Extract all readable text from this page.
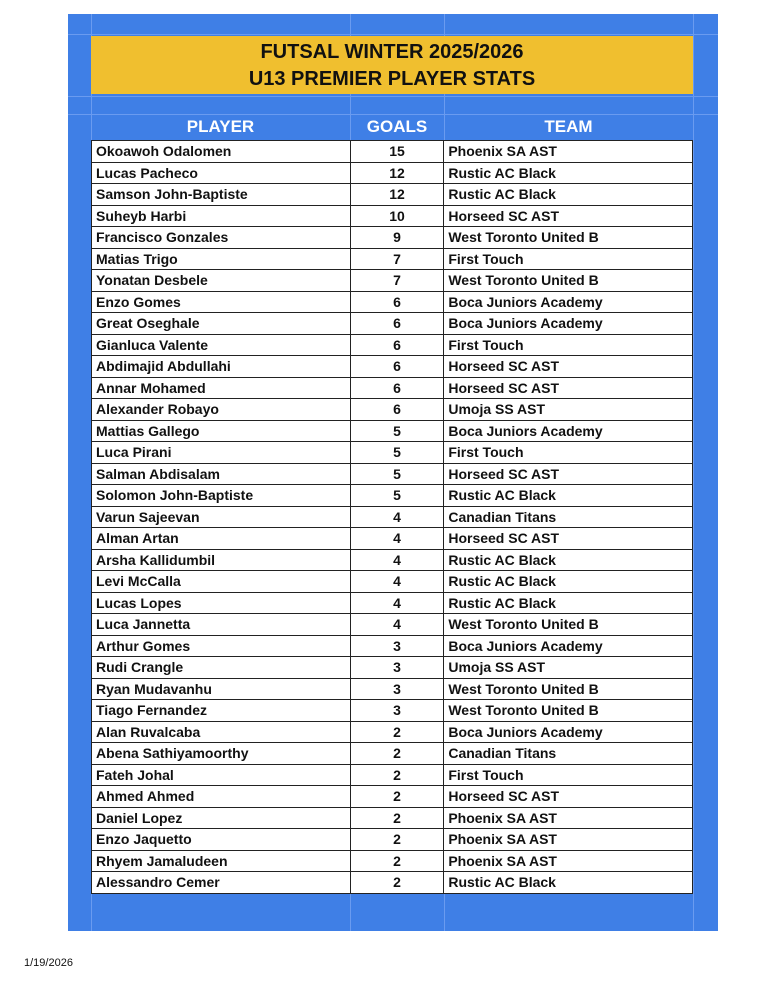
FUTSAL WINTER 2025/2026
U13 PREMIER PLAYER STATS
PLAYER	GOALS	TEAM
Okoawoh Odalomen	15	Phoenix SA AST
Lucas Pacheco	12	Rustic AC Black
Samson John-Baptiste	12	Rustic AC Black
Suheyb Harbi	10	Horseed SC AST
Francisco Gonzales	9	West Toronto United B
Matias Trigo	7	First Touch
Yonatan Desbele	7	West Toronto United B
Enzo Gomes	6	Boca Juniors Academy
Great Oseghale	6	Boca Juniors Academy
Gianluca Valente	6	First Touch
Abdimajid Abdullahi	6	Horseed SC AST
Annar Mohamed	6	Horseed SC AST
Alexander Robayo	6	Umoja SS AST
Mattias Gallego	5	Boca Juniors Academy
Luca Pirani	5	First Touch
Salman Abdisalam	5	Horseed SC AST
Solomon John-Baptiste	5	Rustic AC Black
Varun Sajeevan	4	Canadian Titans
Alman Artan	4	Horseed SC AST
Arsha Kallidumbil	4	Rustic AC Black
Levi McCalla	4	Rustic AC Black
Lucas Lopes	4	Rustic AC Black
Luca Jannetta	4	West Toronto United B
Arthur Gomes	3	Boca Juniors Academy
Rudi Crangle	3	Umoja SS AST
Ryan Mudavanhu	3	West Toronto United B
Tiago Fernandez	3	West Toronto United B
Alan Ruvalcaba	2	Boca Juniors Academy
Abena Sathiyamoorthy	2	Canadian Titans
Fateh Johal	2	First Touch
Ahmed Ahmed	2	Horseed SC AST
Daniel Lopez	2	Phoenix SA AST
Enzo Jaquetto	2	Phoenix SA AST
Rhyem Jamaludeen	2	Phoenix SA AST
Alessandro Cemer	2	Rustic AC Black
1/19/2026
